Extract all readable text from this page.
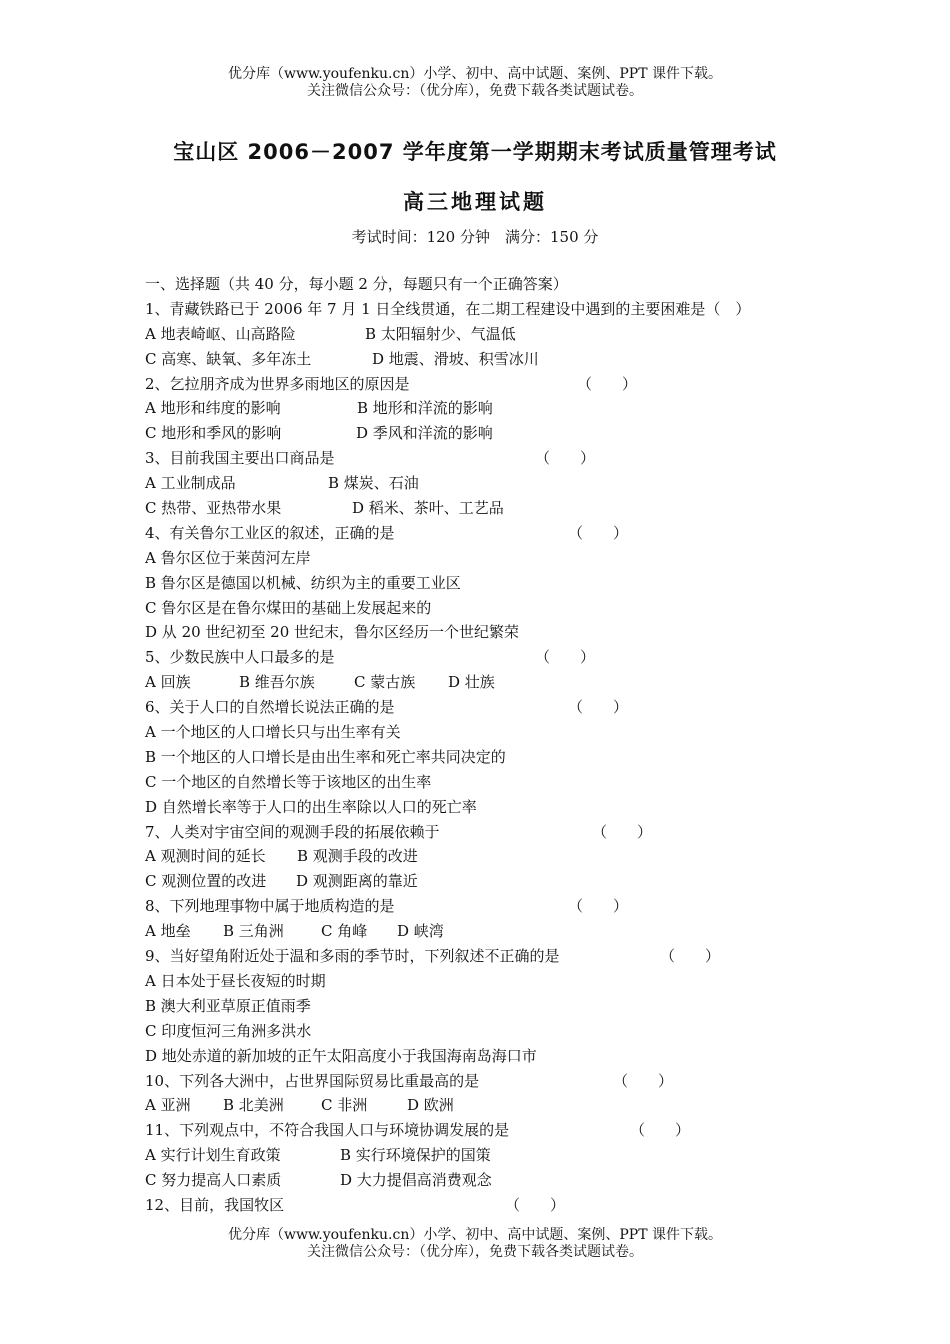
优分库（www.youfenku.cn）小学、初中、高中试题、案例、PPT 课件下载。
关注微信公众号：（优分库），免费下载各类试题试卷。
宝山区 2006－2007 学年度第一学期期末考试质量管理考试
高三地理试题
考试时间：120 分钟　满分：150 分
一、选择题（共 40 分，每小题 2 分，每题只有一个正确答案）
1、青藏铁路已于 2006 年 7 月 1 日全线贯通，在二期工程建设中遇到的主要困难是（　）
A 地表崎岖、山高路险	B 太阳辐射少、气温低
C 高寒、缺氧、多年冻土	D 地震、滑坡、积雪冰川
2、乞拉朋齐成为世界多雨地区的原因是	（　　）
A 地形和纬度的影响	B 地形和洋流的影响
C 地形和季风的影响	D 季风和洋流的影响
3、目前我国主要出口商品是	（　　）
A 工业制成品	B 煤炭、石油
C 热带、亚热带水果	D 稻米、茶叶、工艺品
4、有关鲁尔工业区的叙述，正确的是	（　　）
A 鲁尔区位于莱茵河左岸
B 鲁尔区是德国以机械、纺织为主的重要工业区
C 鲁尔区是在鲁尔煤田的基础上发展起来的
D 从 20 世纪初至 20 世纪末，鲁尔区经历一个世纪繁荣
5、少数民族中人口最多的是	（　　）
A 回族	B 维吾尔族	C 蒙古族 D 壮族
6、关于人口的自然增长说法正确的是	（　　）
A 一个地区的人口增长只与出生率有关
B 一个地区的人口增长是由出生率和死亡率共同决定的
C 一个地区的自然增长等于该地区的出生率
D 自然增长率等于人口的出生率除以人口的死亡率
7、人类对宇宙空间的观测手段的拓展依赖于	（　　）
A 观测时间的延长 B 观测手段的改进
C 观测位置的改进 D 观测距离的靠近
8、下列地理事物中属于地质构造的是	（　　）
A 地垒 B 三角洲 C 角峰 D 峡湾
9、当好望角附近处于温和多雨的季节时，下列叙述不正确的是	（　　）
A 日本处于昼长夜短的时期
B 澳大利亚草原正值雨季
C 印度恒河三角洲多洪水
D 地处赤道的新加坡的正午太阳高度小于我国海南岛海口市
10、下列各大洲中，占世界国际贸易比重最高的是	（　　）
A 亚洲 B 北美洲 C 非洲	D 欧洲
11、下列观点中，不符合我国人口与环境协调发展的是	（　　）
A 实行计划生育政策	B 实行环境保护的国策
C 努力提高人口素质	D 大力提倡高消费观念
12、目前，我国牧区	（　　）
优分库（www.youfenku.cn）小学、初中、高中试题、案例、PPT 课件下载。
关注微信公众号：（优分库），免费下载各类试题试卷。
